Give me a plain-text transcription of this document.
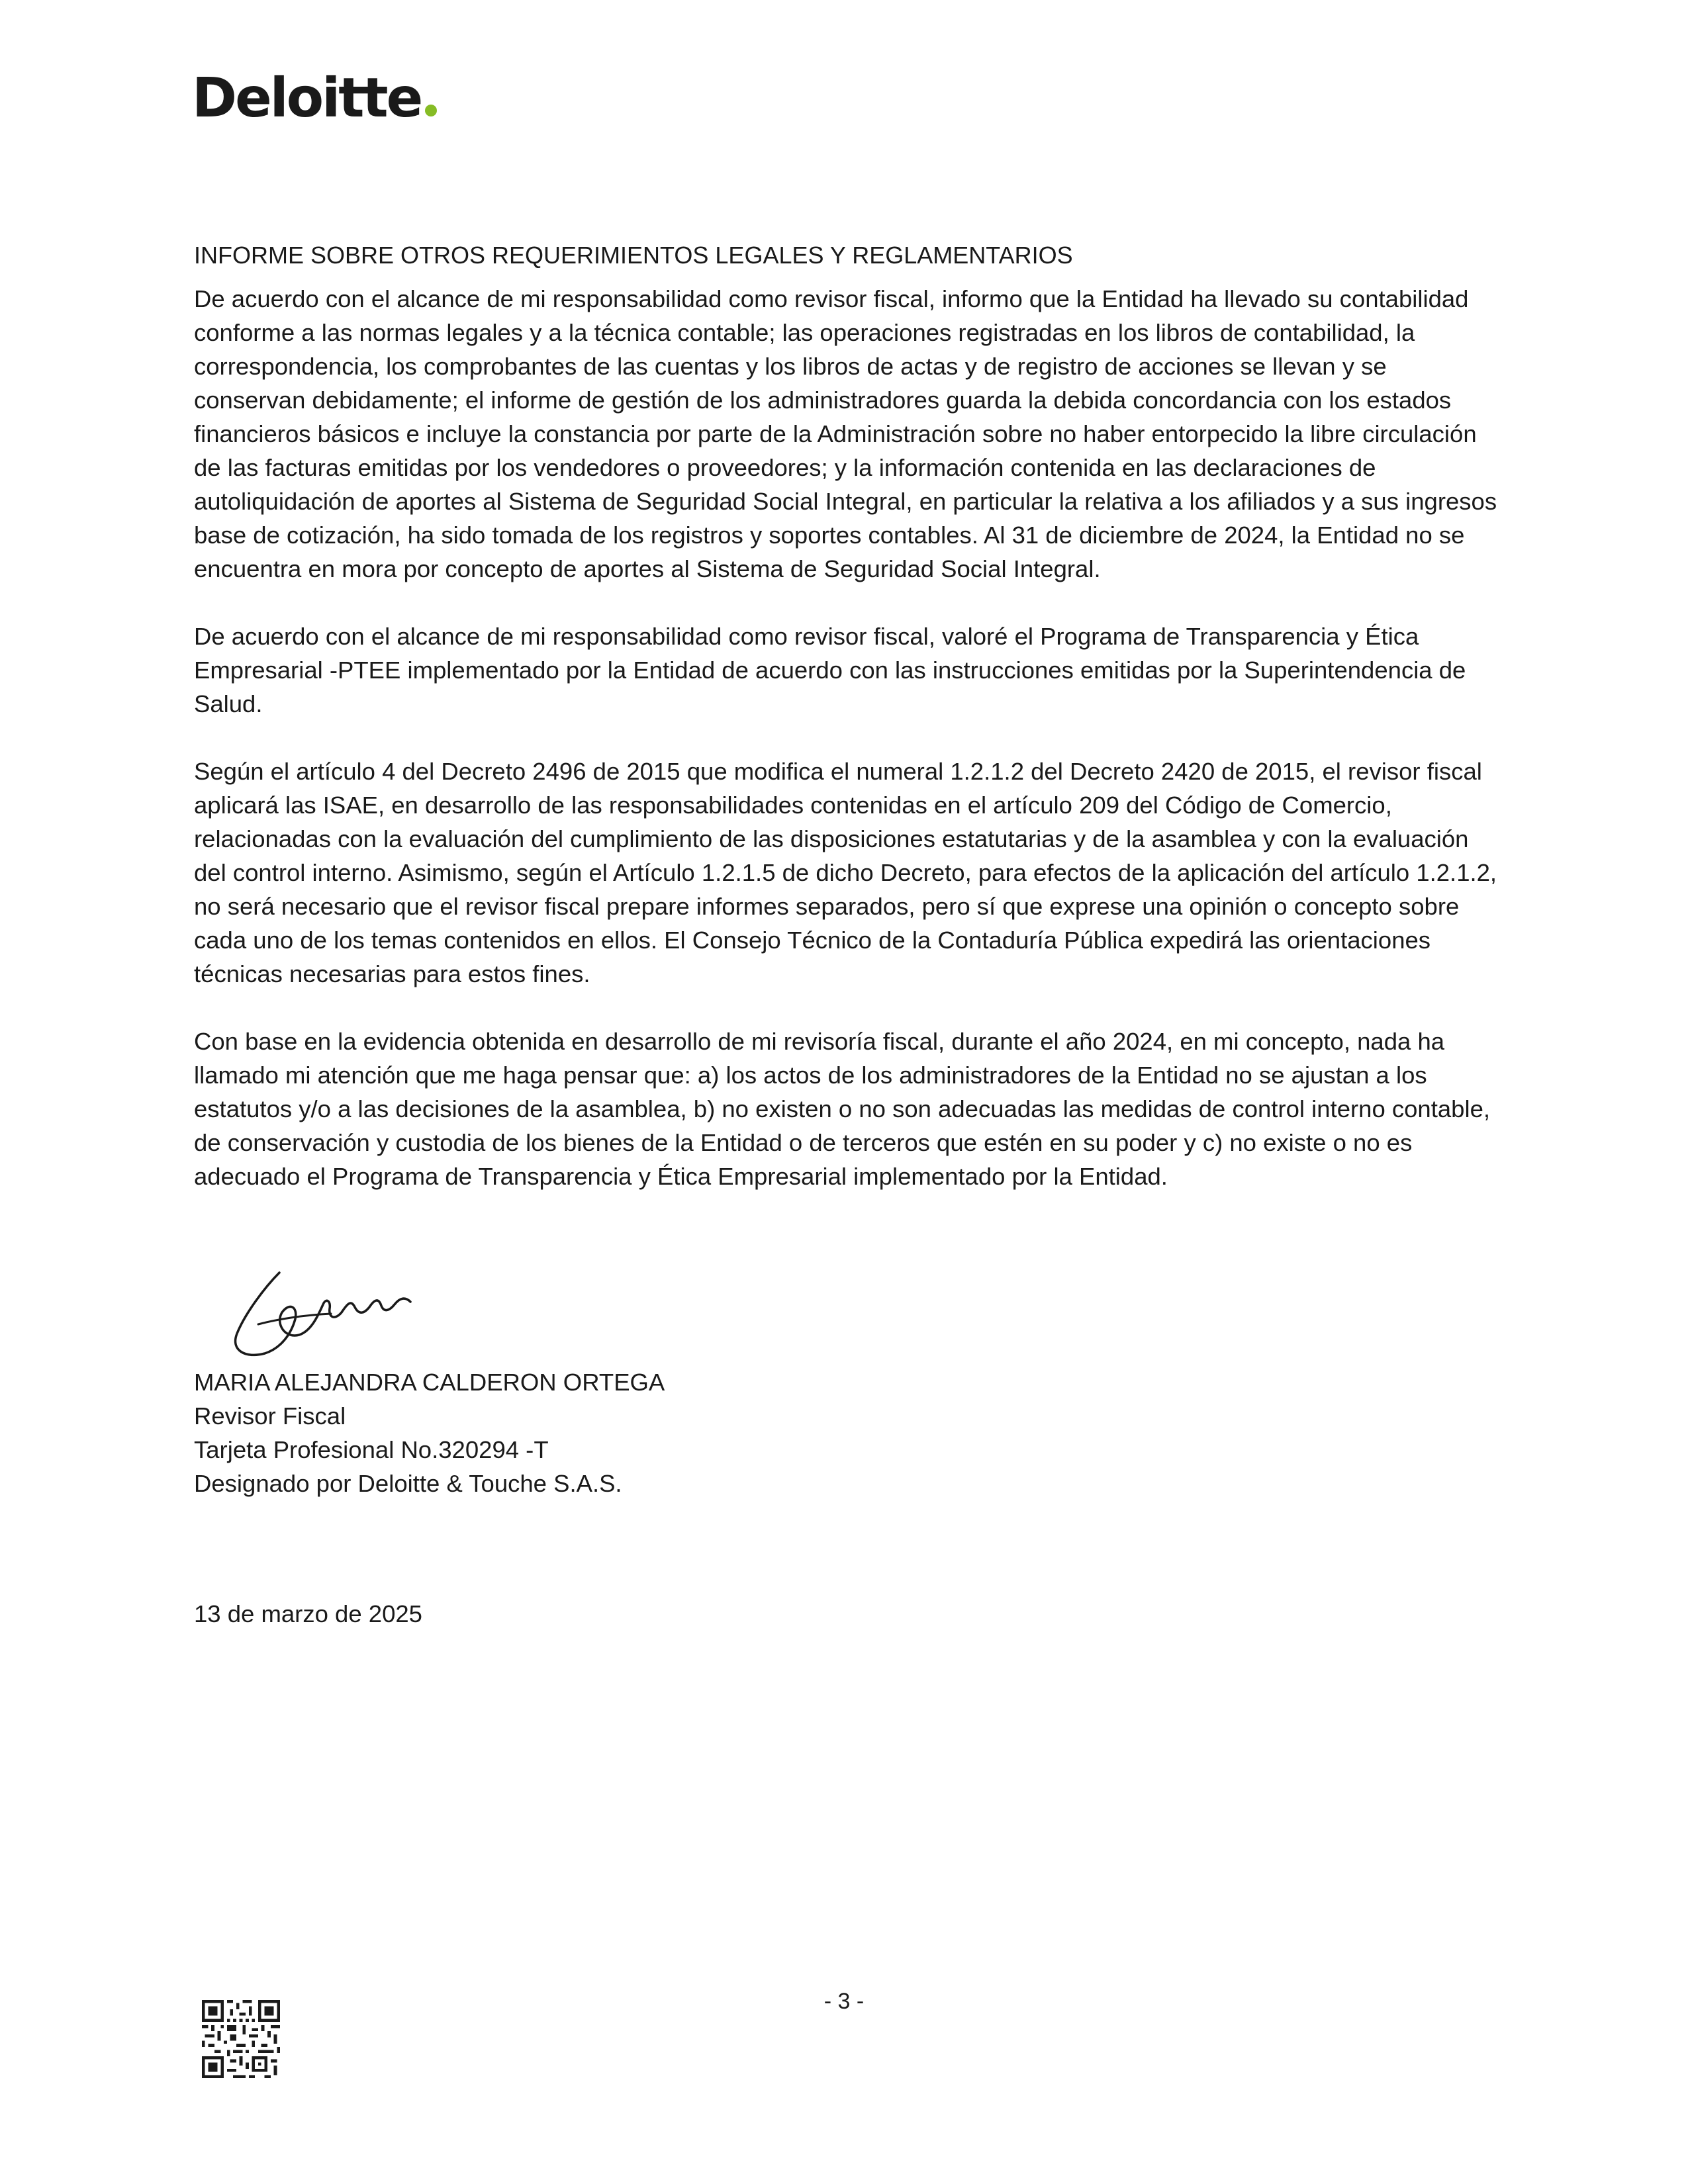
Deloitte
INFORME SOBRE OTROS REQUERIMIENTOS LEGALES Y REGLAMENTARIOS

De acuerdo con el alcance de mi responsabilidad como revisor fiscal, informo que la Entidad ha llevado su contabilidad conforme a las normas legales y a la técnica contable; las operaciones registradas en los libros de contabilidad, la correspondencia, los comprobantes de las cuentas y los libros de actas y de registro de acciones se llevan y se conservan debidamente; el informe de gestión de los administradores guarda la debida concordancia con los estados financieros básicos e incluye la constancia por parte de la Administración sobre no haber entorpecido la libre circulación de las facturas emitidas por los vendedores o proveedores; y la información contenida en las declaraciones de autoliquidación de aportes al Sistema de Seguridad Social Integral, en particular la relativa a los afiliados y a sus ingresos base de cotización, ha sido tomada de los registros y soportes contables. Al 31 de diciembre de 2024, la Entidad no se encuentra en mora por concepto de aportes al Sistema de Seguridad Social Integral.

De acuerdo con el alcance de mi responsabilidad como revisor fiscal, valoré el Programa de Transparencia y Ética Empresarial -PTEE implementado por la Entidad de acuerdo con las instrucciones emitidas por la Superintendencia de Salud.

Según el artículo 4 del Decreto 2496 de 2015 que modifica el numeral 1.2.1.2 del Decreto 2420 de 2015, el revisor fiscal aplicará las ISAE, en desarrollo de las responsabilidades contenidas en el artículo 209 del Código de Comercio, relacionadas con la evaluación del cumplimiento de las disposiciones estatutarias y de la asamblea y con la evaluación del control interno. Asimismo, según el Artículo 1.2.1.5 de dicho Decreto, para efectos de la aplicación del artículo 1.2.1.2, no será necesario que el revisor fiscal prepare informes separados, pero sí que exprese una opinión o concepto sobre cada uno de los temas contenidos en ellos. El Consejo Técnico de la Contaduría Pública expedirá las orientaciones técnicas necesarias para estos fines.

Con base en la evidencia obtenida en desarrollo de mi revisoría fiscal, durante el año 2024, en mi concepto, nada ha llamado mi atención que me haga pensar que: a) los actos de los administradores de la Entidad no se ajustan a los estatutos y/o a las decisiones de la asamblea, b) no existen o no son adecuadas las medidas de control interno contable, de conservación y custodia de los bienes de la Entidad o de terceros que estén en su poder y c) no existe o no es adecuado el Programa de Transparencia y Ética Empresarial implementado por la Entidad.

MARIA ALEJANDRA CALDERON ORTEGA
Revisor Fiscal
Tarjeta Profesional No.320294 -T
Designado por Deloitte & Touche S.A.S.
13 de marzo de 2025
- 3 -
